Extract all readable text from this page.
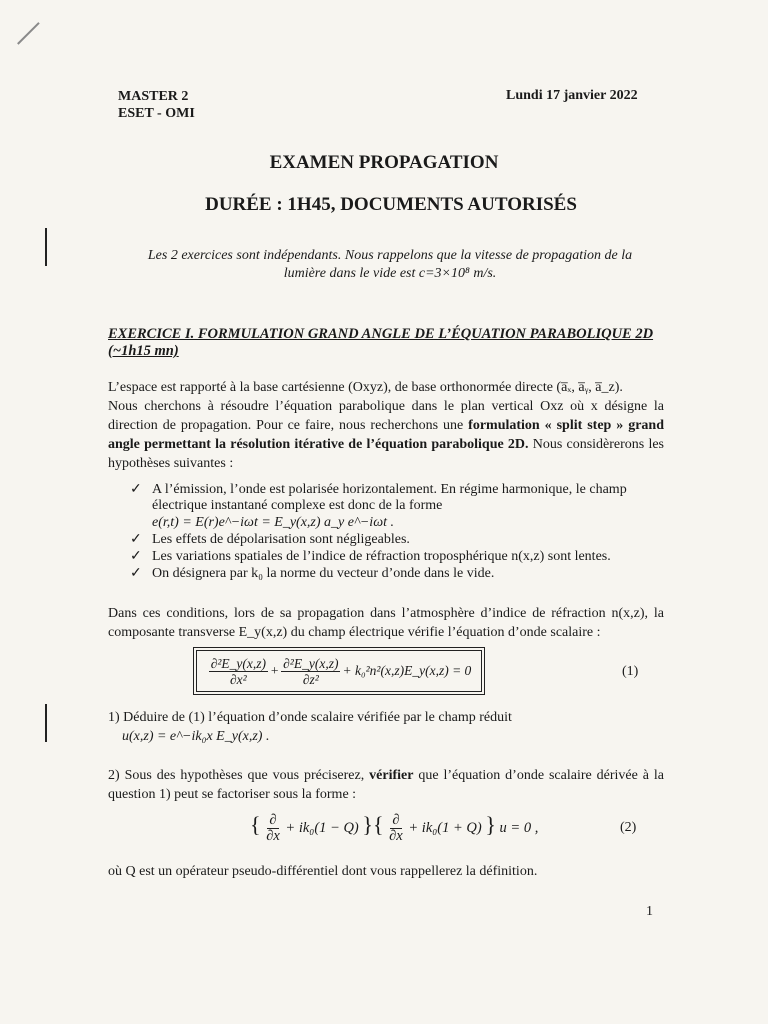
MASTER 2
ESET - OMI
Lundi 17 janvier 2022
EXAMEN PROPAGATION
DURÉE : 1H45, DOCUMENTS AUTORISÉS
Les 2 exercices sont indépendants. Nous rappelons que la vitesse de propagation de la
lumière dans le vide est c=3×10⁸ m/s.
EXERCICE I. FORMULATION GRAND ANGLE DE L’ÉQUATION PARABOLIQUE 2D (~1h15 mn)
L’espace est rapporté à la base cartésienne (Oxyz), de base orthonormée directe (a̅ₓ, a̅ᵧ, a̅_z).
Nous cherchons à résoudre l’équation parabolique dans le plan vertical Oxz où x désigne la direction de propagation. Pour ce faire, nous recherchons une formulation « split step » grand angle permettant la résolution itérative de l’équation parabolique 2D. Nous considèrerons les hypothèses suivantes :
✓ A l’émission, l’onde est polarisée horizontalement. En régime harmonique, le champ électrique instantané complexe est donc de la forme
e(r,t) = E(r)e^−iωt = E_y(x,z) a_y e^−iωt .
✓ Les effets de dépolarisation sont négligeables.
✓ Les variations spatiales de l’indice de réfraction troposphérique n(x,z) sont lentes.
✓ On désignera par k₀ la norme du vecteur d’onde dans le vide.
Dans ces conditions, lors de sa propagation dans l’atmosphère d’indice de réfraction n(x,z), la composante transverse E_y(x,z) du champ électrique vérifie l’équation d’onde scalaire :
$\frac{\text{∂²E\_y(x,z)}}{\text{∂x²}} + \frac{\text{∂²E\_y(x,z)}}{\text{∂z²}}$ + k₀²n²(x,z)E_y(x,z) = 0	(1)
1) Déduire de (1) l’équation d’onde scalaire vérifiée par le champ réduit
u(x,z) = e^−ik₀x E_y(x,z) .
2) Sous des hypothèses que vous préciserez, vérifier que l’équation d’onde scalaire dérivée à la question 1) peut se factoriser sous la forme :
{ $\frac{\partial}{\partial x} + ik_0(1 - Q)$ }{ $\frac{\partial}{\partial x} + ik_0(1 + Q)$ } u = 0 ,	(2)
où Q est un opérateur pseudo-différentiel dont vous rappellerez la définition.
1
